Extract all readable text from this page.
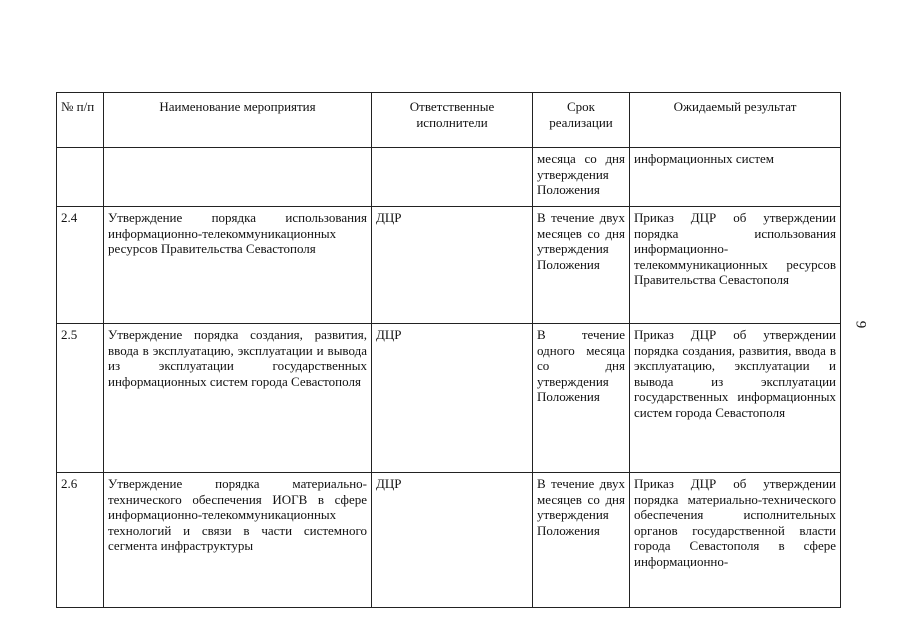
№ п/п	Наименование мероприятия	Ответственные исполнители	Срок реализации	Ожидаемый результат
			месяца со дня утверждения Положения	информационных систем
2.4	Утверждение порядка использования информационно-телекоммуникационных ресурсов Правительства Севастополя	ДЦР	В течение двух месяцев со дня утверждения Положения	Приказ ДЦР об утверждении порядка использования информационно-телекоммуникационных ресурсов Правительства Севастополя
2.5	Утверждение порядка создания, развития, ввода в эксплуатацию, эксплуатации и вывода из эксплуатации государственных информационных систем города Севастополя	ДЦР	В течение одного месяца со дня утверждения Положения	Приказ ДЦР об утверждении порядка создания, развития, ввода в эксплуатацию, эксплуатации и вывода из эксплуатации государственных информационных систем города Севастополя
2.6	Утверждение порядка материально-технического обеспечения ИОГВ в сфере информационно-телекоммуникационных технологий и связи в части системного сегмента инфраструктуры	ДЦР	В течение двух месяцев со дня утверждения Положения	Приказ ДЦР об утверждении порядка материально-технического обеспечения исполнительных органов государственной власти города Севастополя в сфере информационно-
9
